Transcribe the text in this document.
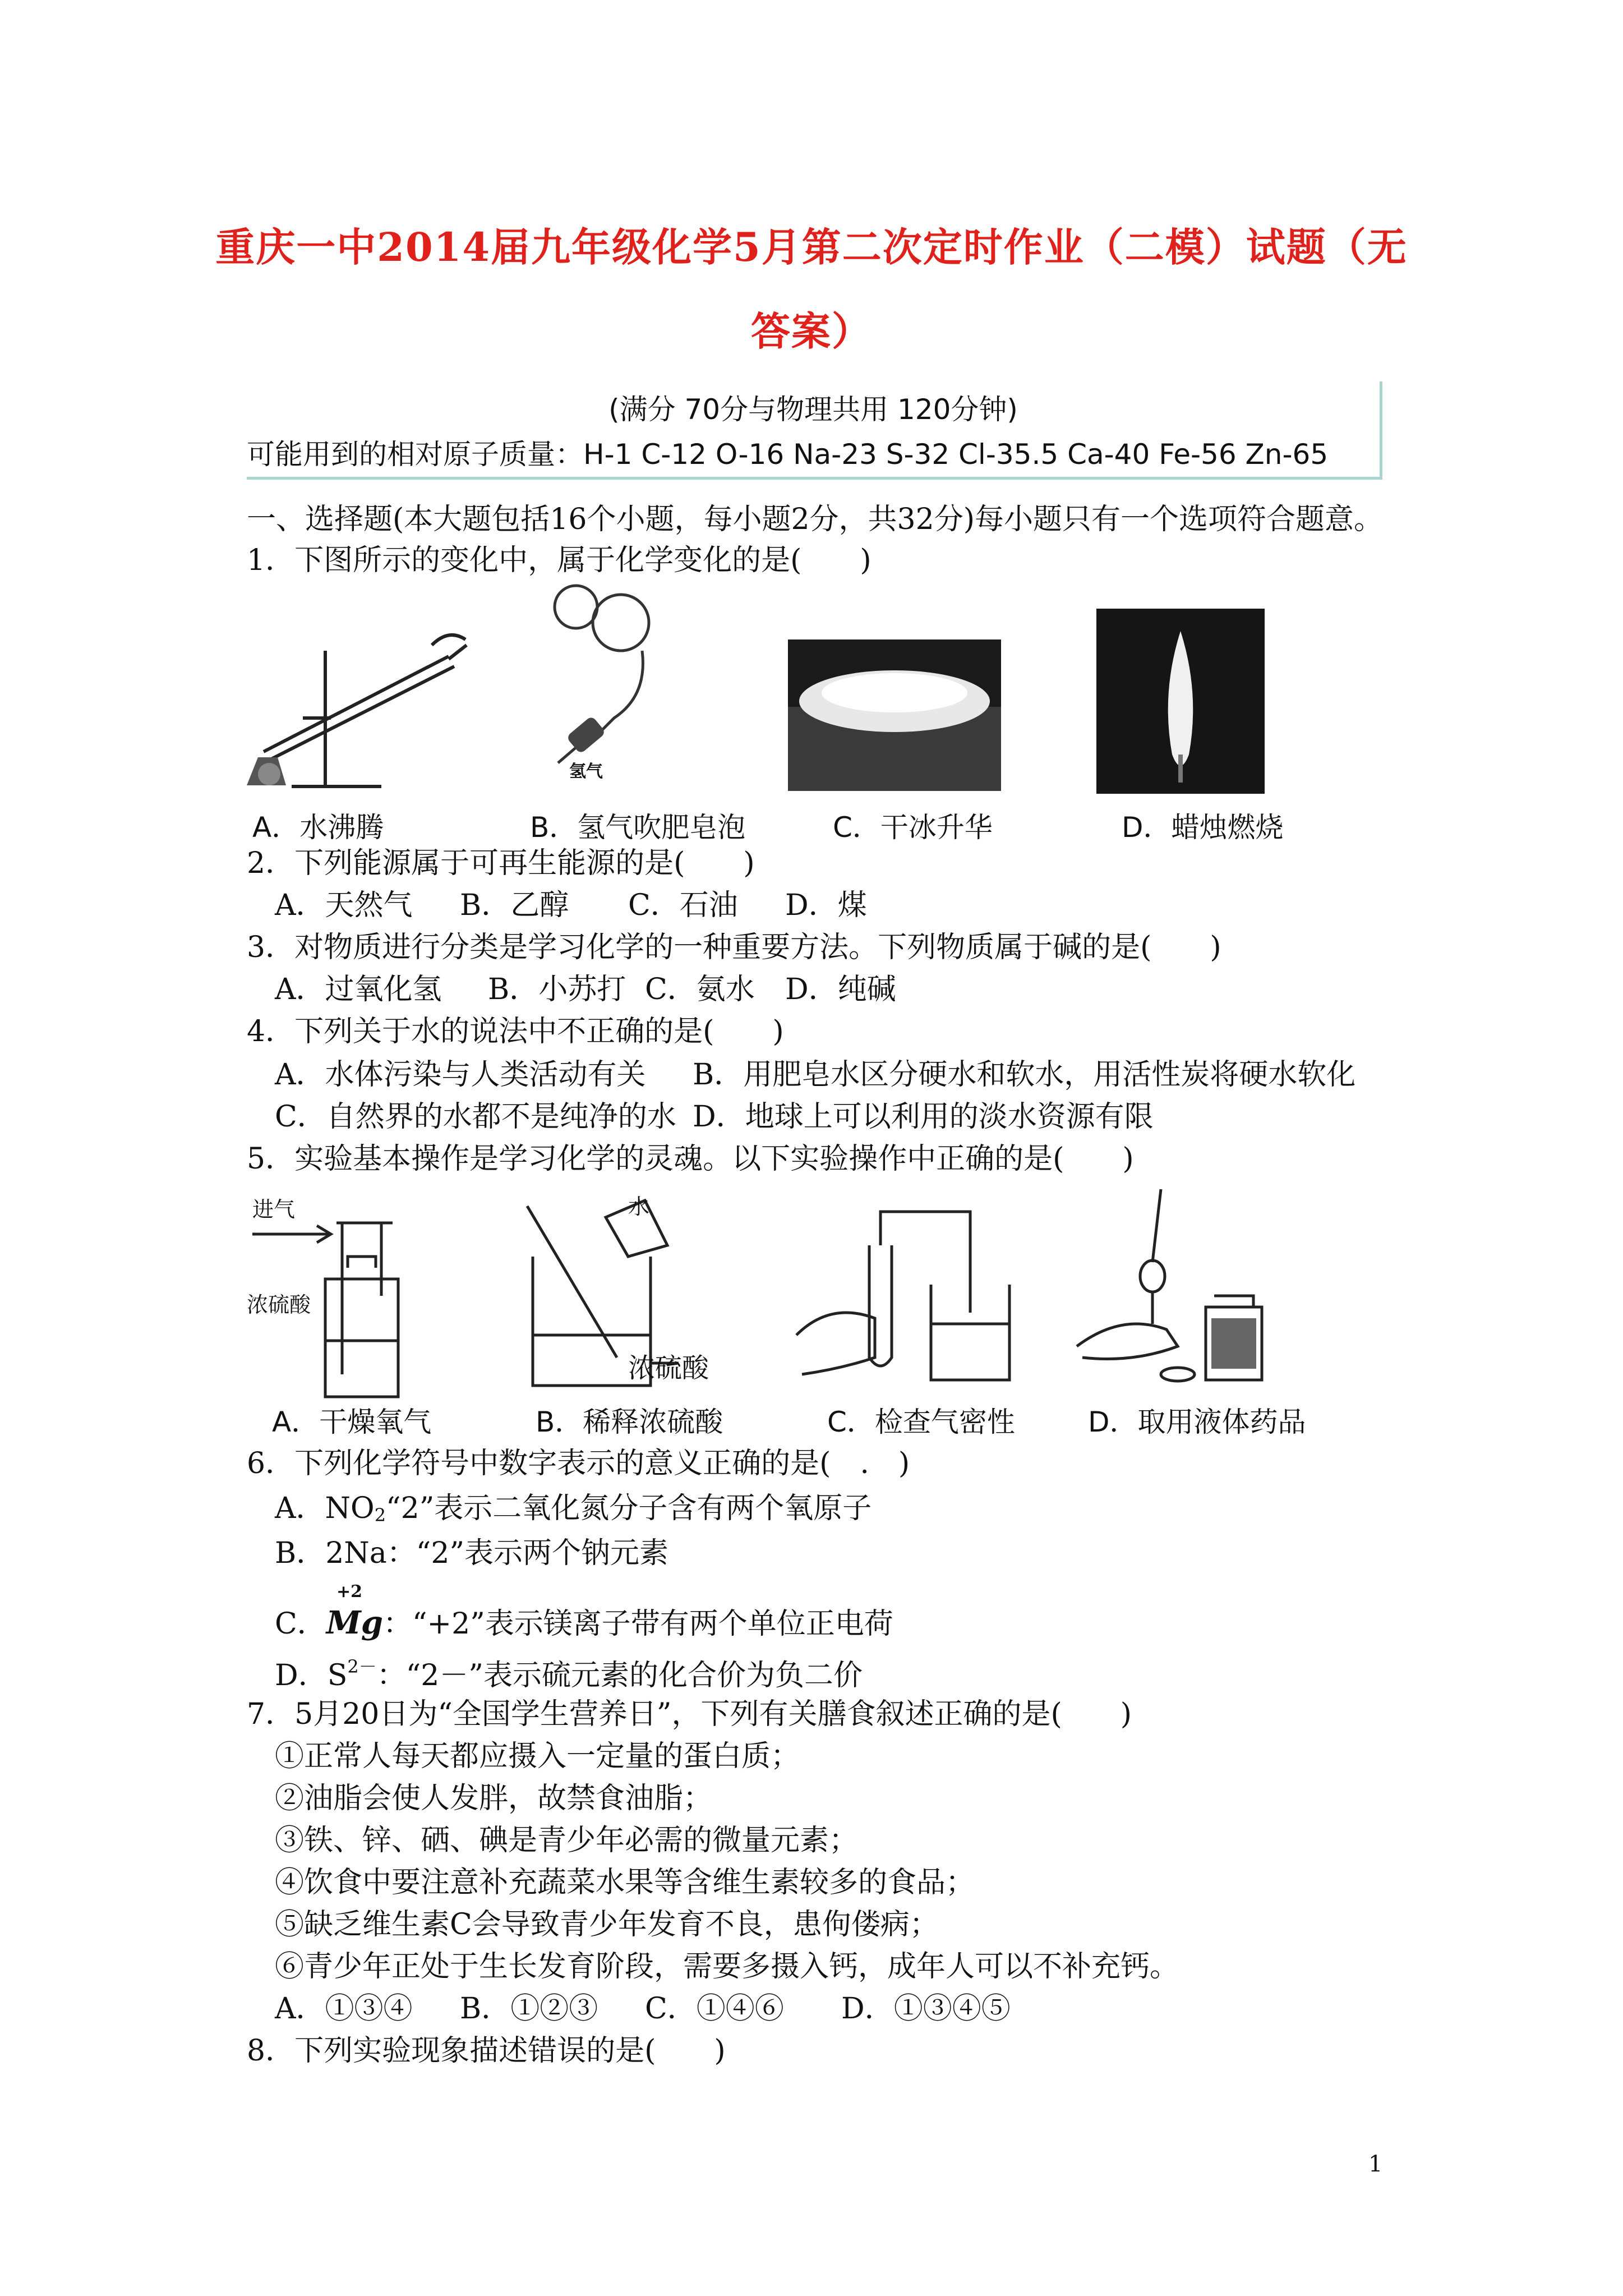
重庆一中2014届九年级化学5月第二次定时作业（二模）试题（无
答案）
(满分 70分与物理共用 120分钟)
可能用到的相对原子质量：H-1 C-12 O-16 Na-23 S-32 Cl-35.5 Ca-40 Fe-56 Zn-65
一、选择题(本大题包括16个小题，每小题2分，共32分)每小题只有一个选项符合题意。
1．下图所示的变化中，属于化学变化的是(　　)
A．水沸腾
氢气
B．氢气吹肥皂泡	C．干冰升华	D．蜡烛燃烧
2．下列能源属于可再生能源的是(　　)
A．天然气 B．乙醇 C．石油 D．煤
3．对物质进行分类是学习化学的一种重要方法。下列物质属于碱的是(　　)
A．过氧化氢 B．小苏打 C．氨水 D．纯碱
4．下列关于水的说法中不正确的是(　　)
A．水体污染与人类活动有关 B．用肥皂水区分硬水和软水，用活性炭将硬水软化
C．自然界的水都不是纯净的水 D．地球上可以利用的淡水资源有限
5．实验基本操作是学习化学的灵魂。以下实验操作中正确的是(　　)
进气
浓硫酸
A．干燥氧气
水
浓硫酸
B．稀释浓硫酸	C．检查气密性	D．取用液体药品
6．下列化学符号中数字表示的意义正确的是(　.　)
A．$NO_2“2$”表示二氧化氮分子含有两个氧原子
B．2Na：“2”表示两个钠元素
+2
C．Mg：“+2”表示镁离子带有两个单位正电荷
D．$S^{2-}$：“2－”表示硫元素的化合价为负二价
7．5月20日为“全国学生营养日”，下列有关膳食叙述正确的是(　　)
①正常人每天都应摄入一定量的蛋白质；
②油脂会使人发胖，故禁食油脂；
③铁、锌、硒、碘是青少年必需的微量元素；
④饮食中要注意补充蔬菜水果等含维生素较多的食品；
⑤缺乏维生素C会导致青少年发育不良，患佝偻病；
⑥青少年正处于生长发育阶段，需要多摄入钙，成年人可以不补充钙。
A．①③④ B．①②③ C．①④⑥ D．①③④⑤
8．下列实验现象描述错误的是(　　)
1
